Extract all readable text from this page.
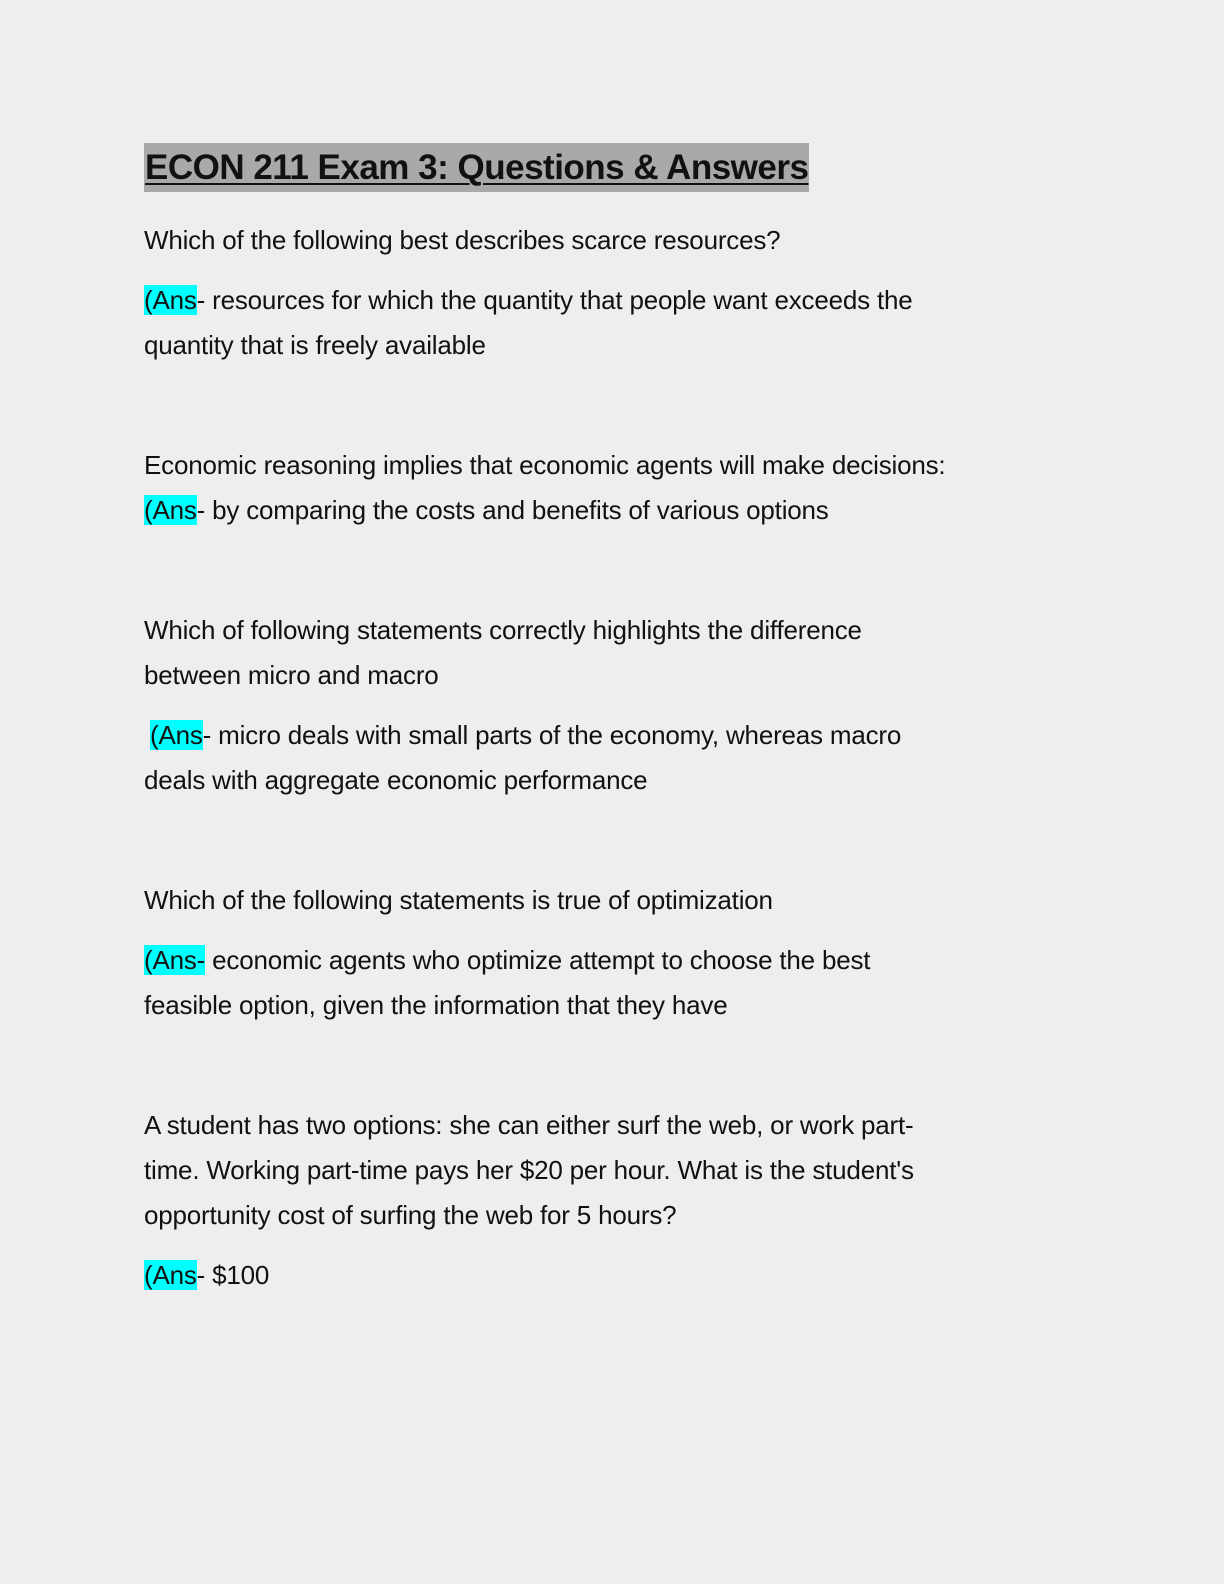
ECON 211 Exam 3: Questions & Answers

Which of the following best describes scarce resources?

(Ans- resources for which the quantity that people want exceeds the

quantity that is freely available

Economic reasoning implies that economic agents will make decisions:

(Ans- by comparing the costs and benefits of various options

Which of following statements correctly highlights the difference

between micro and macro

(Ans- micro deals with small parts of the economy, whereas macro

deals with aggregate economic performance

Which of the following statements is true of optimization

(Ans- economic agents who optimize attempt to choose the best

feasible option, given the information that they have

A student has two options: she can either surf the web, or work part-

time. Working part-time pays her $20 per hour. What is the student's

opportunity cost of surfing the web for 5 hours?

(Ans- $100
